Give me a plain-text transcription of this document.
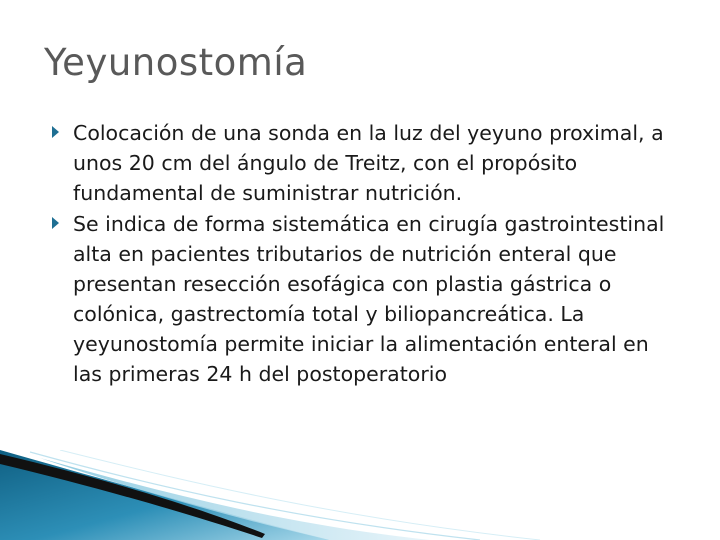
Yeyunostomía
Colocación de una sonda en la luz del yeyuno proximal, a unos 20 cm del ángulo de Treitz, con el propósito fundamental de suministrar nutrición.
Se indica de forma sistemática en cirugía gastrointestinal alta en pacientes tributarios de nutrición enteral que presentan resección esofágica con plastia gástrica o colónica, gastrectomía total y biliopancreática. La yeyunostomía permite iniciar la alimentación enteral en las primeras 24 h del postoperatorio
